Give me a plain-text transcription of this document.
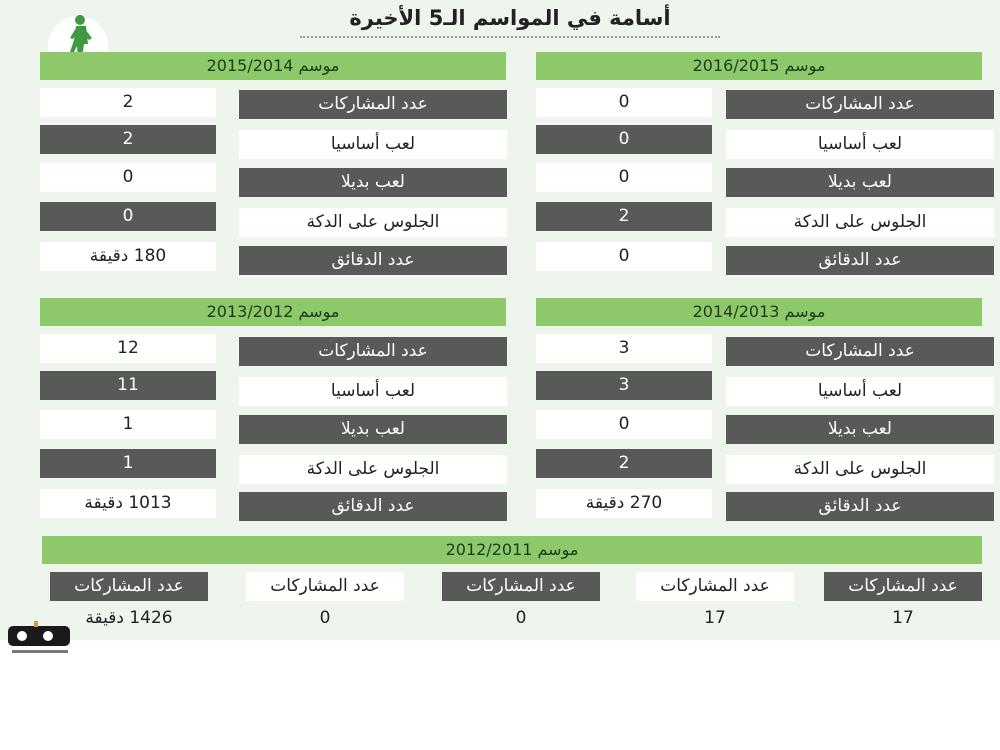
أسامة في المواسم الـ5 الأخيرة
موسم 2016/2015
عدد المشاركات
0
لعب أساسيا
0
لعب بديلا
0
الجلوس على الدكة
2
عدد الدقائق
0
موسم 2015/2014
عدد المشاركات
2
لعب أساسيا
2
لعب بديلا
0
الجلوس على الدكة
0
عدد الدقائق
180 دقيقة
موسم 2014/2013
عدد المشاركات
3
لعب أساسيا
3
لعب بديلا
0
الجلوس على الدكة
2
عدد الدقائق
270 دقيقة
موسم 2013/2012
عدد المشاركات
12
لعب أساسيا
11
لعب بديلا
1
الجلوس على الدكة
1
عدد الدقائق
1013 دقيقة
موسم 2012/2011
عدد المشاركات
17
عدد المشاركات
17
عدد المشاركات
0
عدد المشاركات
0
عدد المشاركات
1426 دقيقة
